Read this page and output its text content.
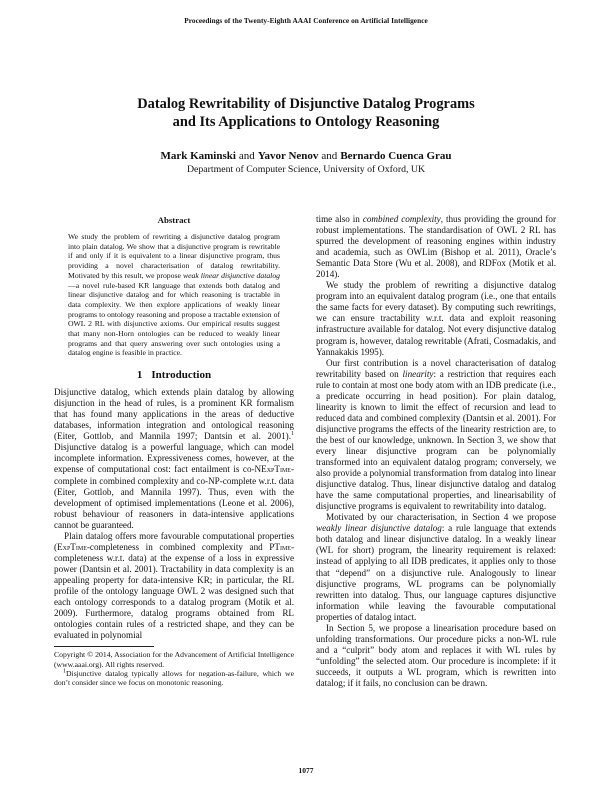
Proceedings of the Twenty-Eighth AAAI Conference on Artificial Intelligence
Datalog Rewritability of Disjunctive Datalog Programs
and Its Applications to Ontology Reasoning
Mark Kaminski and Yavor Nenov and Bernardo Cuenca Grau
Department of Computer Science, University of Oxford, UK
Abstract

We study the problem of rewriting a disjunctive datalog program into plain datalog. We show that a disjunctive program is rewritable if and only if it is equivalent to a linear disjunctive program, thus providing a novel characterisation of datalog rewritability. Motivated by this result, we propose weak linear disjunctive datalog—a novel rule-based KR language that extends both datalog and linear disjunctive datalog and for which reasoning is tractable in data complexity. We then explore applications of weakly linear programs to ontology reasoning and propose a tractable extension of OWL 2 RL with disjunctive axioms. Our empirical results suggest that many non-Horn ontologies can be reduced to weakly linear programs and that query answering over such ontologies using a datalog engine is feasible in practice.

1 Introduction

Disjunctive datalog, which extends plain datalog by allowing disjunction in the head of rules, is a prominent KR formalism that has found many applications in the areas of deductive databases, information integration and ontological reasoning (Eiter, Gottlob, and Mannila 1997; Dantsin et al. 2001).$^1$ Disjunctive datalog is a powerful language, which can model incomplete information. Expressiveness comes, however, at the expense of computational cost: fact entailment is co-NExpTime-complete in combined complexity and co-NP-complete w.r.t. data (Eiter, Gottlob, and Mannila 1997). Thus, even with the development of optimised implementations (Leone et al. 2006), robust behaviour of reasoners in data-intensive applications cannot be guaranteed.

Plain datalog offers more favourable computational properties (ExpTime-completeness in combined complexity and PTime-completeness w.r.t. data) at the expense of a loss in expressive power (Dantsin et al. 2001). Tractability in data complexity is an appealing property for data-intensive KR; in particular, the RL profile of the ontology language OWL 2 was designed such that each ontology corresponds to a datalog program (Motik et al. 2009). Furthermore, datalog programs obtained from RL ontologies contain rules of a restricted shape, and they can be evaluated in polynomial

Copyright © 2014, Association for the Advancement of Artificial Intelligence (www.aaai.org). All rights reserved.

$^1$Disjunctive datalog typically allows for negation-as-failure, which we don’t consider since we focus on monotonic reasoning.

time also in combined complexity, thus providing the ground for robust implementations. The standardisation of OWL 2 RL has spurred the development of reasoning engines within industry and academia, such as OWLim (Bishop et al. 2011), Oracle’s Semantic Data Store (Wu et al. 2008), and RDFox (Motik et al. 2014).

We study the problem of rewriting a disjunctive datalog program into an equivalent datalog program (i.e., one that entails the same facts for every dataset). By computing such rewritings, we can ensure tractability w.r.t. data and exploit reasoning infrastructure available for datalog. Not every disjunctive datalog program is, however, datalog rewritable (Afrati, Cosmadakis, and Yannakakis 1995).

Our first contribution is a novel characterisation of datalog rewritability based on linearity: a restriction that requires each rule to contain at most one body atom with an IDB predicate (i.e., a predicate occurring in head position). For plain datalog, linearity is known to limit the effect of recursion and lead to reduced data and combined complexity (Dantsin et al. 2001). For disjunctive programs the effects of the linearity restriction are, to the best of our knowledge, unknown. In Section 3, we show that every linear disjunctive program can be polynomially transformed into an equivalent datalog program; conversely, we also provide a polynomial transformation from datalog into linear disjunctive datalog. Thus, linear disjunctive datalog and datalog have the same computational properties, and linearisability of disjunctive programs is equivalent to rewritability into datalog.

Motivated by our characterisation, in Section 4 we propose weakly linear disjunctive datalog: a rule language that extends both datalog and linear disjunctive datalog. In a weakly linear (WL for short) program, the linearity requirement is relaxed: instead of applying to all IDB predicates, it applies only to those that “depend” on a disjunctive rule. Analogously to linear disjunctive programs, WL programs can be polynomially rewritten into datalog. Thus, our language captures disjunctive information while leaving the favourable computational properties of datalog intact.

In Section 5, we propose a linearisation procedure based on unfolding transformations. Our procedure picks a non-WL rule and a “culprit” body atom and replaces it with WL rules by “unfolding” the selected atom. Our procedure is incomplete: if it succeeds, it outputs a WL program, which is rewritten into datalog; if it fails, no conclusion can be drawn.

1077
